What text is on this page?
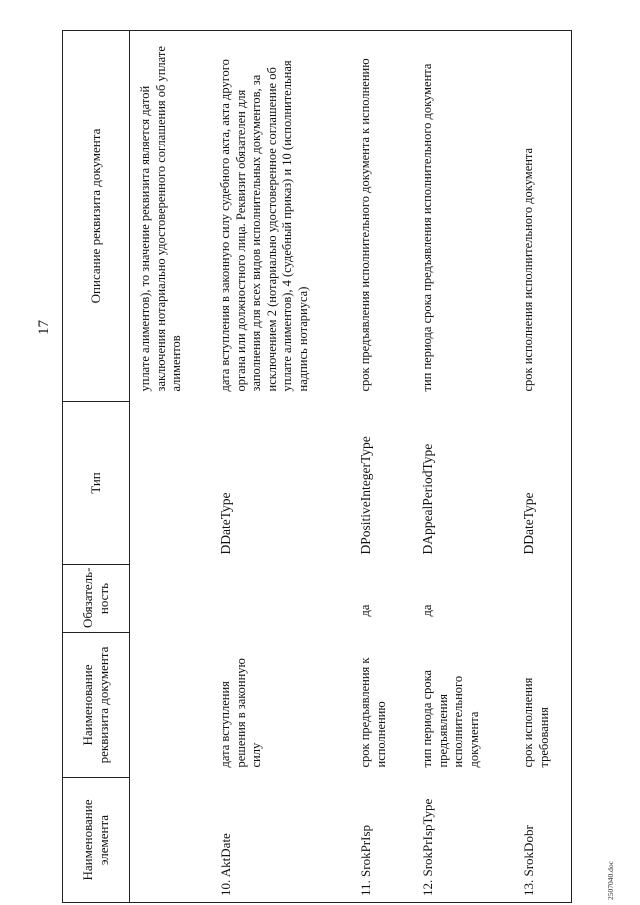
17
Наименование элемента	Наименование реквизита документа	Обязатель-ность	Тип	Описание реквизита документа
				уплате алиментов), то значение реквизита является датой заключения нотариально удостоверенного соглашения об уплате алиментов
10. AktDate	дата вступления решения в законную силу		DDateType	дата вступления в законную силу судебного акта, акта другого органа или должностного лица. Реквизит обязателен для заполнения для всех видов исполнительных документов, за исключением 2 (нотариально удостоверенное соглашение об уплате алиментов), 4 (судебный приказ) и 10 (исполнительная надпись нотариуса)
11. SrokPrIsp	срок предъявления к исполнению	да	DPositiveIntegerType	срок предъявления исполнительного документа к исполнению
12. SrokPrIspType	тип периода срока предъявления исполнительного документа	да	DAppealPeriodType	тип периода срока предъявления исполнительного документа
13. SrokDobr	срок исполнения требования		DDateType	срок исполнения исполнительного документа
2507040.doc
